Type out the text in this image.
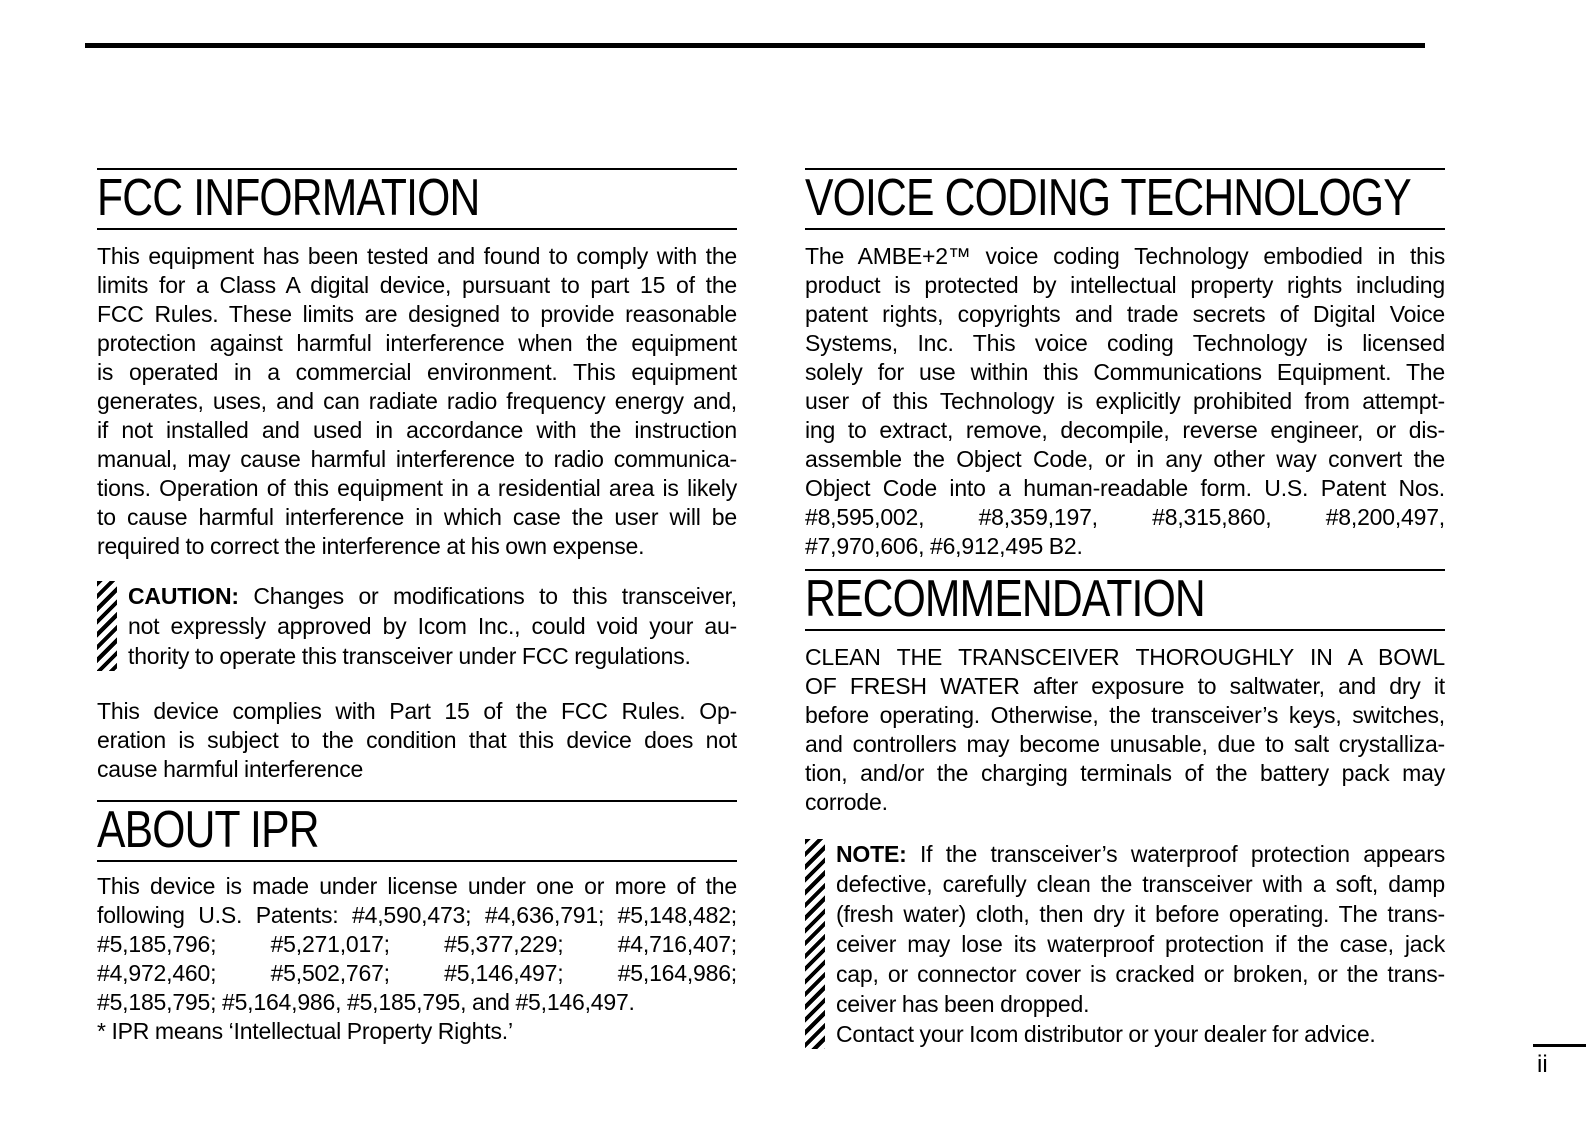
FCC INFORMATION
This equipment has been tested and found to comply with the
limits for a Class A digital device, pursuant to part 15 of the
FCC Rules. These limits are designed to provide reasonable
protection against harmful interference when the equipment
is operated in a commercial environment. This equipment
generates, uses, and can radiate radio frequency energy and,
if not installed and used in accordance with the instruction
manual, may cause harmful interference to radio communica-
tions. Operation of this equipment in a residential area is likely
to cause harmful interference in which case the user will be
required to correct the interference at his own expense.
CAUTION: Changes or modifications to this transceiver,
not expressly approved by Icom Inc., could void your au-
thority to operate this transceiver under FCC regulations.
This device complies with Part 15 of the FCC Rules. Op-
eration is subject to the condition that this device does not
cause harmful interference
ABOUT IPR
This device is made under license under one or more of the
following U.S. Patents: #4,590,473; #4,636,791; #5,148,482;
#5,185,796; #5,271,017; #5,377,229; #4,716,407;
#4,972,460; #5,502,767; #5,146,497; #5,164,986;
#5,185,795; #5,164,986, #5,185,795, and #5,146,497.
* IPR means ‘Intellectual Property Rights.’
VOICE CODING TECHNOLOGY
The AMBE+2™ voice coding Technology embodied in this
product is protected by intellectual property rights including
patent rights, copyrights and trade secrets of Digital Voice
Systems, Inc. This voice coding Technology is licensed
solely for use within this Communications Equipment. The
user of this Technology is explicitly prohibited from attempt-
ing to extract, remove, decompile, reverse engineer, or dis-
assemble the Object Code, or in any other way convert the
Object Code into a human-readable form. U.S. Patent Nos.
#8,595,002, #8,359,197, #8,315,860, #8,200,497,
#7,970,606, #6,912,495 B2.
RECOMMENDATION
CLEAN THE TRANSCEIVER THOROUGHLY IN A BOWL
OF FRESH WATER after exposure to saltwater, and dry it
before operating. Otherwise, the transceiver’s keys, switches,
and controllers may become unusable, due to salt crystalliza-
tion, and/or the charging terminals of the battery pack may
corrode.
NOTE: If the transceiver’s waterproof protection appears
defective, carefully clean the transceiver with a soft, damp
(fresh water) cloth, then dry it before operating. The trans-
ceiver may lose its waterproof protection if the case, jack
cap, or connector cover is cracked or broken, or the trans-
ceiver has been dropped.
Contact your Icom distributor or your dealer for advice.
ii
